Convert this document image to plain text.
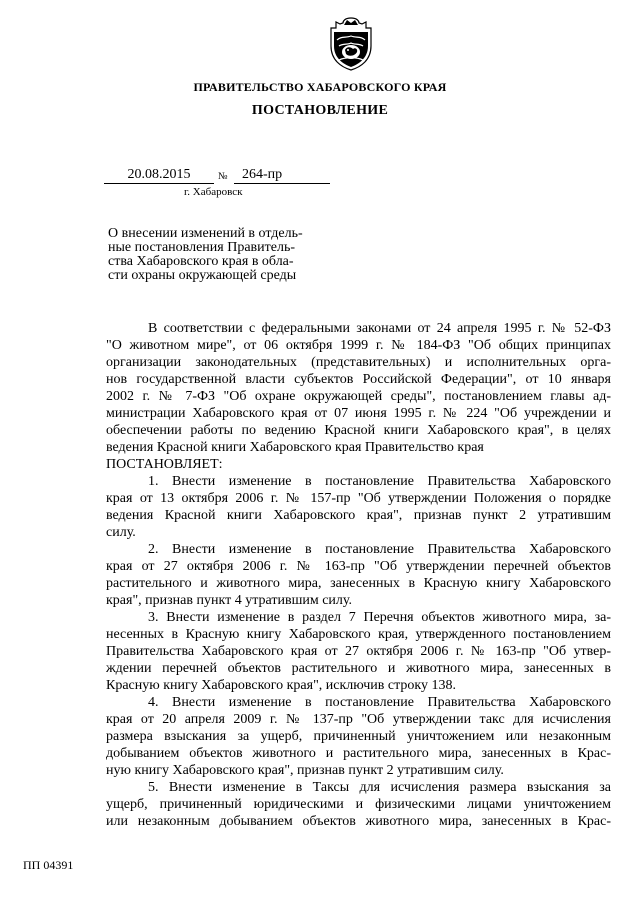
ПРАВИТЕЛЬСТВО ХАБАРОВСКОГО КРАЯ
ПОСТАНОВЛЕНИЕ
20.08.2015	№	264-пр
г. Хабаровск
О внесении изменений в отдель-
ные постановления Правитель-
ства Хабаровского края в обла-
сти охраны окружающей среды
В соответствии с федеральными законами от 24 апреля 1995 г. № 52-ФЗ
"О животном мире", от 06 октября 1999 г. № 184-ФЗ "Об общих принципах
организации законодательных (представительных) и исполнительных орга-
нов государственной власти субъектов Российской Федерации", от 10 января
2002 г. № 7-ФЗ "Об охране окружающей среды", постановлением главы ад-
министрации Хабаровского края от 07 июня 1995 г. № 224 "Об учреждении и
обеспечении работы по ведению Красной книги Хабаровского края", в целях
ведения Красной книги Хабаровского края Правительство края
ПОСТАНОВЛЯЕТ:
1. Внести изменение в постановление Правительства Хабаровского
края от 13 октября 2006 г. № 157-пр "Об утверждении Положения о порядке
ведения Красной книги Хабаровского края", признав пункт 2 утратившим
силу.
2. Внести изменение в постановление Правительства Хабаровского
края от 27 октября 2006 г. № 163-пр "Об утверждении перечней объектов
растительного и животного мира, занесенных в Красную книгу Хабаровского
края", признав пункт 4 утратившим силу.
3. Внести изменение в раздел 7 Перечня объектов животного мира, за-
несенных в Красную книгу Хабаровского края, утвержденного постановлением
Правительства Хабаровского края от 27 октября 2006 г. № 163-пр "Об утвер-
ждении перечней объектов растительного и животного мира, занесенных в
Красную книгу Хабаровского края", исключив строку 138.
4. Внести изменение в постановление Правительства Хабаровского
края от 20 апреля 2009 г. № 137-пр "Об утверждении такс для исчисления
размера взыскания за ущерб, причиненный уничтожением или незаконным
добыванием объектов животного и растительного мира, занесенных в Крас-
ную книгу Хабаровского края", признав пункт 2 утратившим силу.
5. Внести изменение в Таксы для исчисления размера взыскания за
ущерб, причиненный юридическими и физическими лицами уничтожением
или незаконным добыванием объектов животного мира, занесенных в Крас-
ПП 04391
